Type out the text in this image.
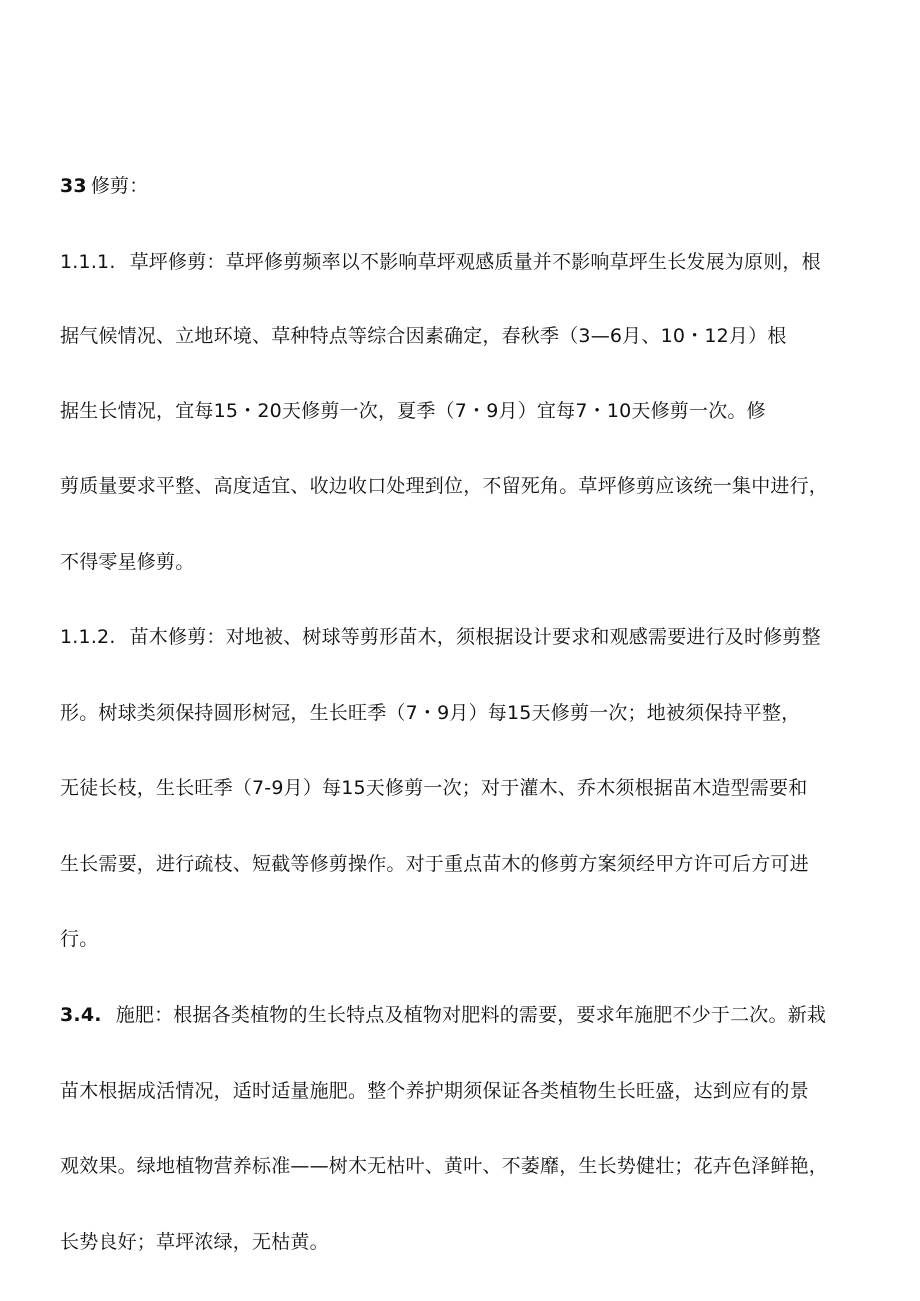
33 修剪：
1.1.1. 草坪修剪：草坪修剪频率以不影响草坪观感质量并不影响草坪生长发展为原则，根
据气候情况、立地环境、草种特点等综合因素确定，春秋季（3—6月、10・12月）根
据生长情况，宜每15・20天修剪一次，夏季（7・9月）宜每7・10天修剪一次。修
剪质量要求平整、高度适宜、收边收口处理到位，不留死角。草坪修剪应该统一集中进行，
不得零星修剪。
1.1.2. 苗木修剪：对地被、树球等剪形苗木，须根据设计要求和观感需要进行及时修剪整
形。树球类须保持圆形树冠，生长旺季（7・9月）每15天修剪一次；地被须保持平整，
无徒长枝，生长旺季（7-9月）每15天修剪一次；对于灌木、乔木须根据苗木造型需要和
生长需要，进行疏枝、短截等修剪操作。对于重点苗木的修剪方案须经甲方许可后方可进
行。
3.4. 施肥：根据各类植物的生长特点及植物对肥料的需要，要求年施肥不少于二次。新栽
苗木根据成活情况，适时适量施肥。整个养护期须保证各类植物生长旺盛，达到应有的景
观效果。绿地植物营养标准——树木无枯叶、黄叶、不萎靡，生长势健壮；花卉色泽鲜艳，
长势良好；草坪浓绿，无枯黄。
